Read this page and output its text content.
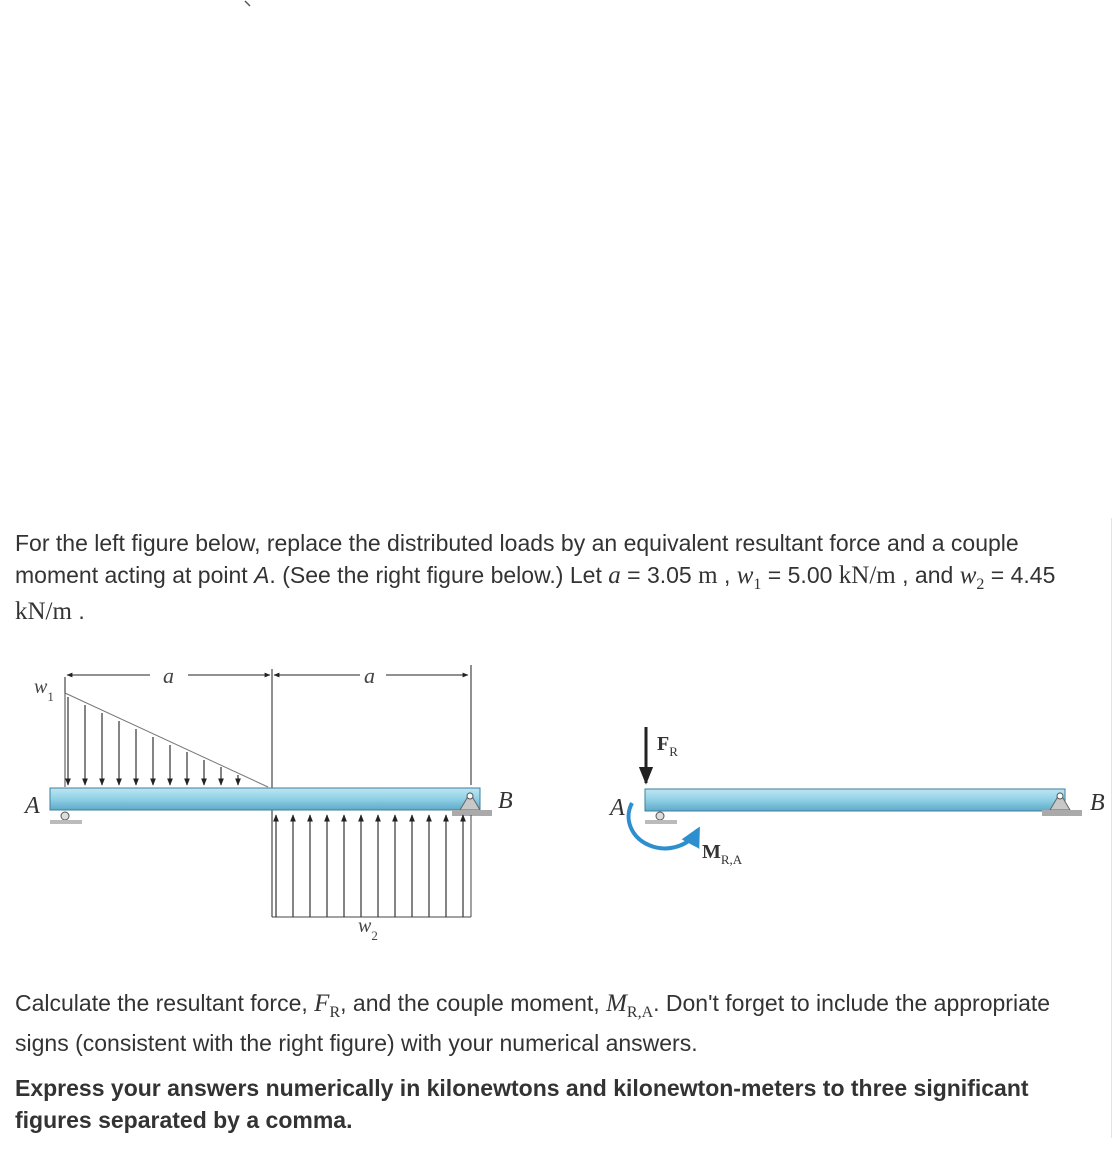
For the left figure below, replace the distributed loads by an equivalent resultant force and a couple moment acting at point A. (See the right figure below.) Let a = 3.05 m , $w_1 = 5.00$ kN/m , and $w_2 = 4.45$ kN/m .
a	a
$w_1$
A	B
$w_2$
A	B
$F_R$
$M_{R,A}$
Calculate the resultant force, $F_R$, and the couple moment, $M_{R,A}$. Don't forget to include the appropriate signs (consistent with the right figure) with your numerical answers.
Express your answers numerically in kilonewtons and kilonewton-meters to three significant figures separated by a comma.
